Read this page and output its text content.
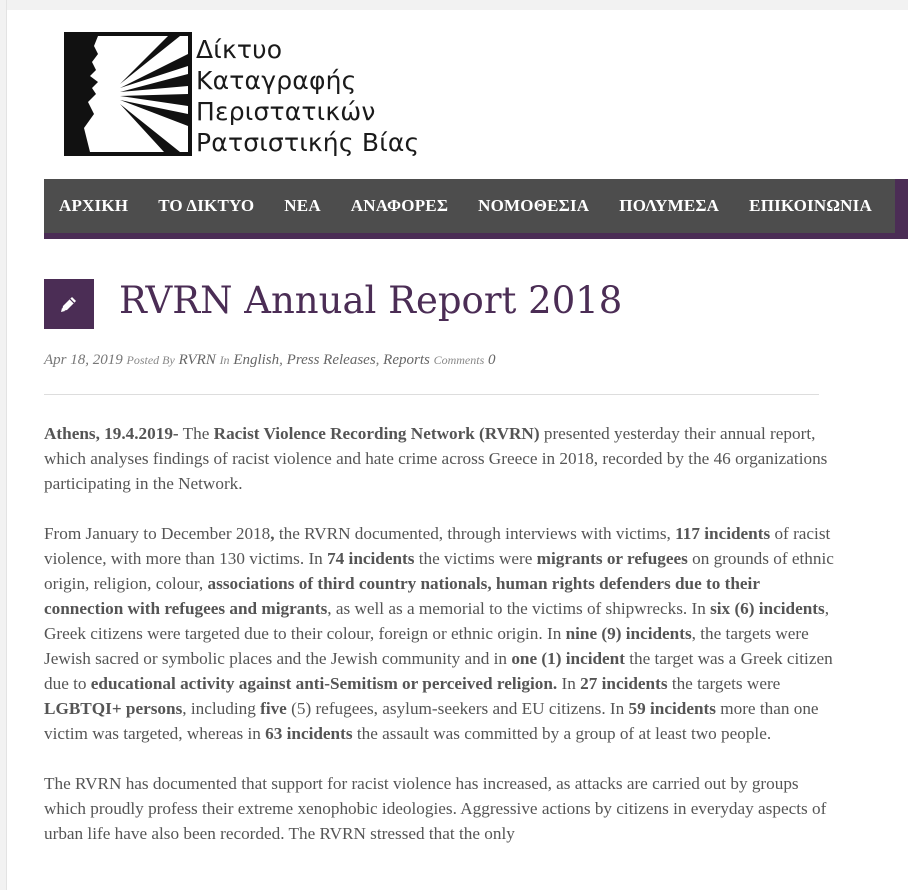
Δίκτυο
Καταγραφής
Περιστατικών
Ρατσιστικής Βίας
ΑΡΧΙΚΗ	ΤΟ ΔΙΚΤΥΟ	ΝΕΑ	ΑΝΑΦΟΡΕΣ	ΝΟΜΟΘΕΣΙΑ	ΠΟΛΥΜΕΣΑ	ΕΠΙΚΟΙΝΩΝΙΑ
RVRN Annual Report 2018
Apr 18, 2019 Posted By RVRN In English, Press Releases, Reports Comments 0

Athens, 19.4.2019- The Racist Violence Recording Network (RVRN) presented yesterday their annual report, which analyses findings of racist violence and hate crime across Greece in 2018, recorded by the 46 organizations participating in the Network.

From January to December 2018, the RVRN documented, through interviews with victims, 117 incidents of racist violence, with more than 130 victims. In 74 incidents the victims were migrants or refugees on grounds of ethnic origin, religion, colour, associations of third country nationals, human rights defenders due to their connection with refugees and migrants, as well as a memorial to the victims of shipwrecks. In six (6) incidents, Greek citizens were targeted due to their colour, foreign or ethnic origin. In nine (9) incidents, the targets were Jewish sacred or symbolic places and the Jewish community and in one (1) incident the target was a Greek citizen due to educational activity against anti-Semitism or perceived religion. In 27 incidents the targets were LGBTQI+ persons, including five (5) refugees, asylum-seekers and EU citizens. In 59 incidents more than one victim was targeted, whereas in 63 incidents the assault was committed by a group of at least two people.

The RVRN has documented that support for racist violence has increased, as attacks are carried out by groups which proudly profess their extreme xenophobic ideologies. Aggressive actions by citizens in everyday aspects of urban life have also been recorded. The RVRN stressed that the only
